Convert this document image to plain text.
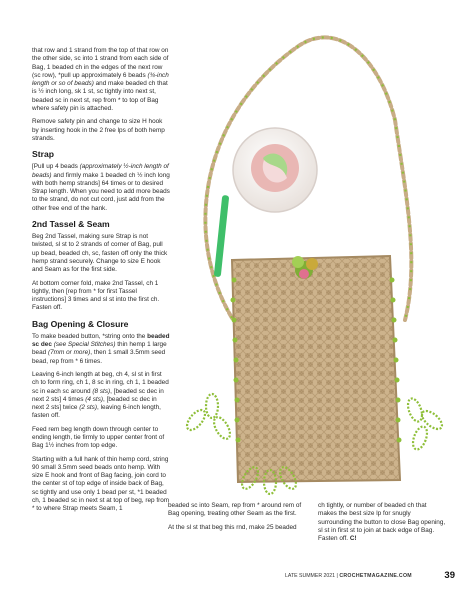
that row and 1 strand from the top of that row on the other side, sc into 1 strand from each side of Bag, 1 beaded ch in the edges of the next row (sc row), *pull up approximately 6 beads (¾-inch length or so of beads) and make beaded ch that is ½ inch long, sk 1 st, sc tightly into next st, beaded sc in next st, rep from * to top of Bag where safety pin is attached.

Remove safety pin and change to size H hook by inserting hook in the 2 free lps of both hemp strands.

Strap

[Pull up 4 beads (approximately ½-inch length of beads) and firmly make 1 beaded ch ½ inch long with both hemp strands] 64 times or to desired Strap length. When you need to add more beads to the strand, do not cut cord, just add from the other free end of the hank.

2nd Tassel & Seam

Beg 2nd Tassel, making sure Strap is not twisted, sl st to 2 strands of corner of Bag, pull up bead, beaded ch, sc, fasten off only the thick hemp strand securely. Change to size E hook and Seam as for the first side.

At bottom corner fold, make 2nd Tassel, ch 1 tightly, then [rep from * for first Tassel instructions] 3 times and sl st into the first ch. Fasten off.

Bag Opening & Closure

To make beaded button, *string onto the beaded sc dec (see Special Stitches) thin hemp 1 large bead (7mm or more), then 1 small 3.5mm seed bead, rep from * 6 times.

Leaving 6-inch length at beg, ch 4, sl st in first ch to form ring, ch 1, 8 sc in ring, ch 1, 1 beaded sc in each sc around (8 sts), [beaded sc dec in next 2 sts] 4 times (4 sts), [beaded sc dec in next 2 sts] twice (2 sts), leaving 6-inch length, fasten off.

Feed rem beg length down through center to ending length, tie firmly to upper center front of Bag 1½ inches from top edge.

Starting with a full hank of thin hemp cord, string 90 small 3.5mm seed beads onto hemp. With size E hook and front of Bag facing, join cord to the center st of top edge of inside back of Bag, sc tightly and use only 1 bead per st, *1 beaded ch, 1 beaded sc in next st at top of beg, rep from * to where Strap meets Seam, 1	beaded sc into Seam, rep from * around rem of Bag opening, treating other Seam as the first.

At the sl st that beg this rnd, make 25 beaded

ch tightly, or number of beaded ch that makes the best size lp for snugly surrounding the button to close Bag opening, sl st in first st to join at back edge of Bag. Fasten off. C!

LATE SUMMER 2021 | CROCHETMAGAZINE.COM	39
